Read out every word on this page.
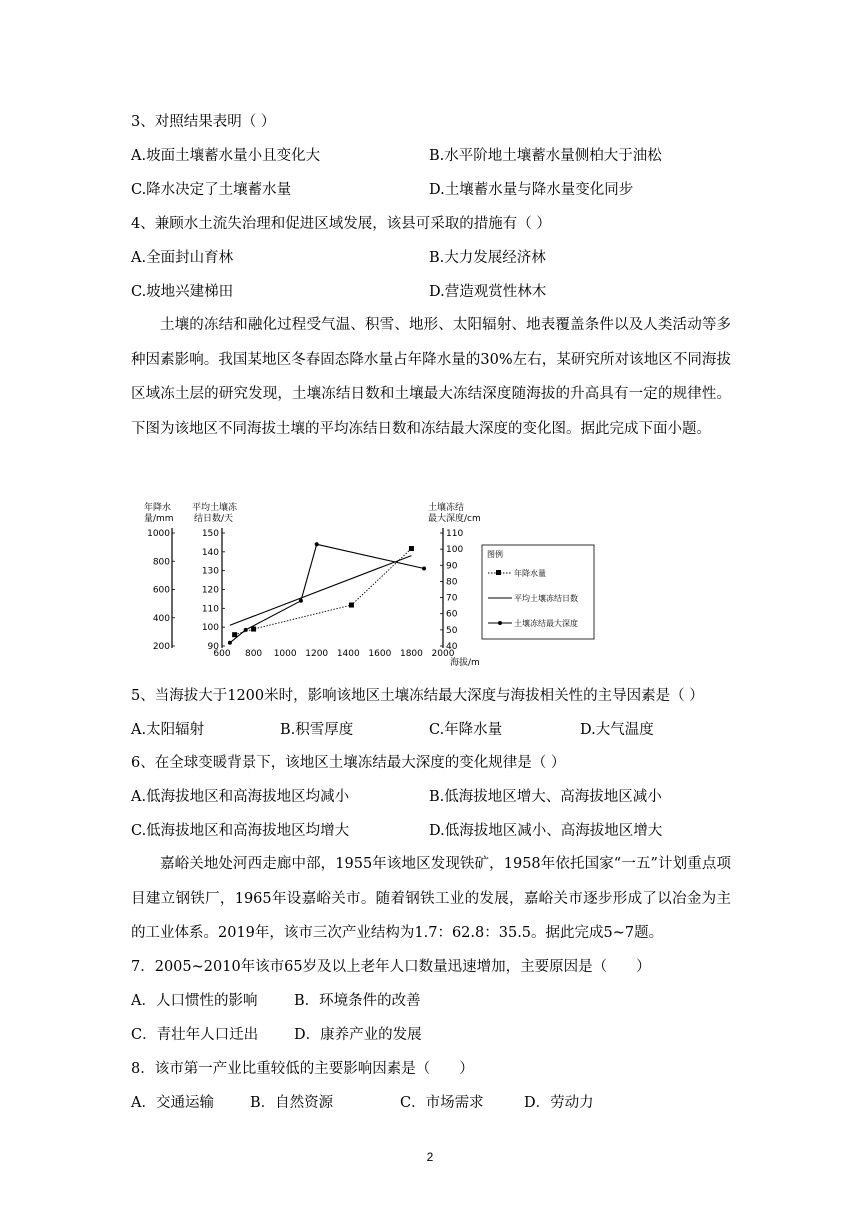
3、对照结果表明（ ）
A.坡面土壤蓄水量小且变化大	B.水平阶地土壤蓄水量侧柏大于油松
C.降水决定了土壤蓄水量	D.土壤蓄水量与降水量变化同步
4、兼顾水土流失治理和促进区域发展，该县可采取的措施有（ ）
A.全面封山育林	B.大力发展经济林
C.坡地兴建梯田	D.营造观赏性林木
土壤的冻结和融化过程受气温、积雪、地形、太阳辐射、地表覆盖条件以及人类活动等多种因素影响。我国某地区冬春固态降水量占年降水量的30%左右，某研究所对该地区不同海拔区域冻土层的研究发现，土壤冻结日数和土壤最大冻结深度随海拔的升高具有一定的规律性。下图为该地区不同海拔土壤的平均冻结日数和冻结最大深度的变化图。据此完成下面小题。
年降水
量/mm
平均土壤冻
结日数/天
土壤冻结
最大深度/cm
海拔/m
1000
800
600
400
200
150
140
130
120
110
100
90
110
100
90
80
70
60
50
40
600 800 1000 1200 1400 1600 1800 2000
图例
年降水量
平均土壤冻结日数
土壤冻结最大深度
5、当海拔大于1200米时，影响该地区土壤冻结最大深度与海拔相关性的主导因素是（ ）
A.太阳辐射	B.积雪厚度	C.年降水量	D.大气温度
6、在全球变暖背景下，该地区土壤冻结最大深度的变化规律是（ ）
A.低海拔地区和高海拔地区均减小	B.低海拔地区增大、高海拔地区减小
C.低海拔地区和高海拔地区均增大	D.低海拔地区减小、高海拔地区增大
嘉峪关地处河西走廊中部，1955年该地区发现铁矿，1958年依托国家“一五”计划重点项目建立钢铁厂，1965年设嘉峪关市。随着钢铁工业的发展，嘉峪关市逐步形成了以冶金为主的工业体系。2019年，该市三次产业结构为1.7：62.8：35.5。据此完成5~7题。
7．2005~2010年该市65岁及以上老年人口数量迅速增加，主要原因是（　　）
A．人口惯性的影响	B．环境条件的改善
C．青壮年人口迁出 D．康养产业的发展
8．该市第一产业比重较低的主要影响因素是（　　）
A．交通运输 B．自然资源	C．市场需求	D．劳动力
2
